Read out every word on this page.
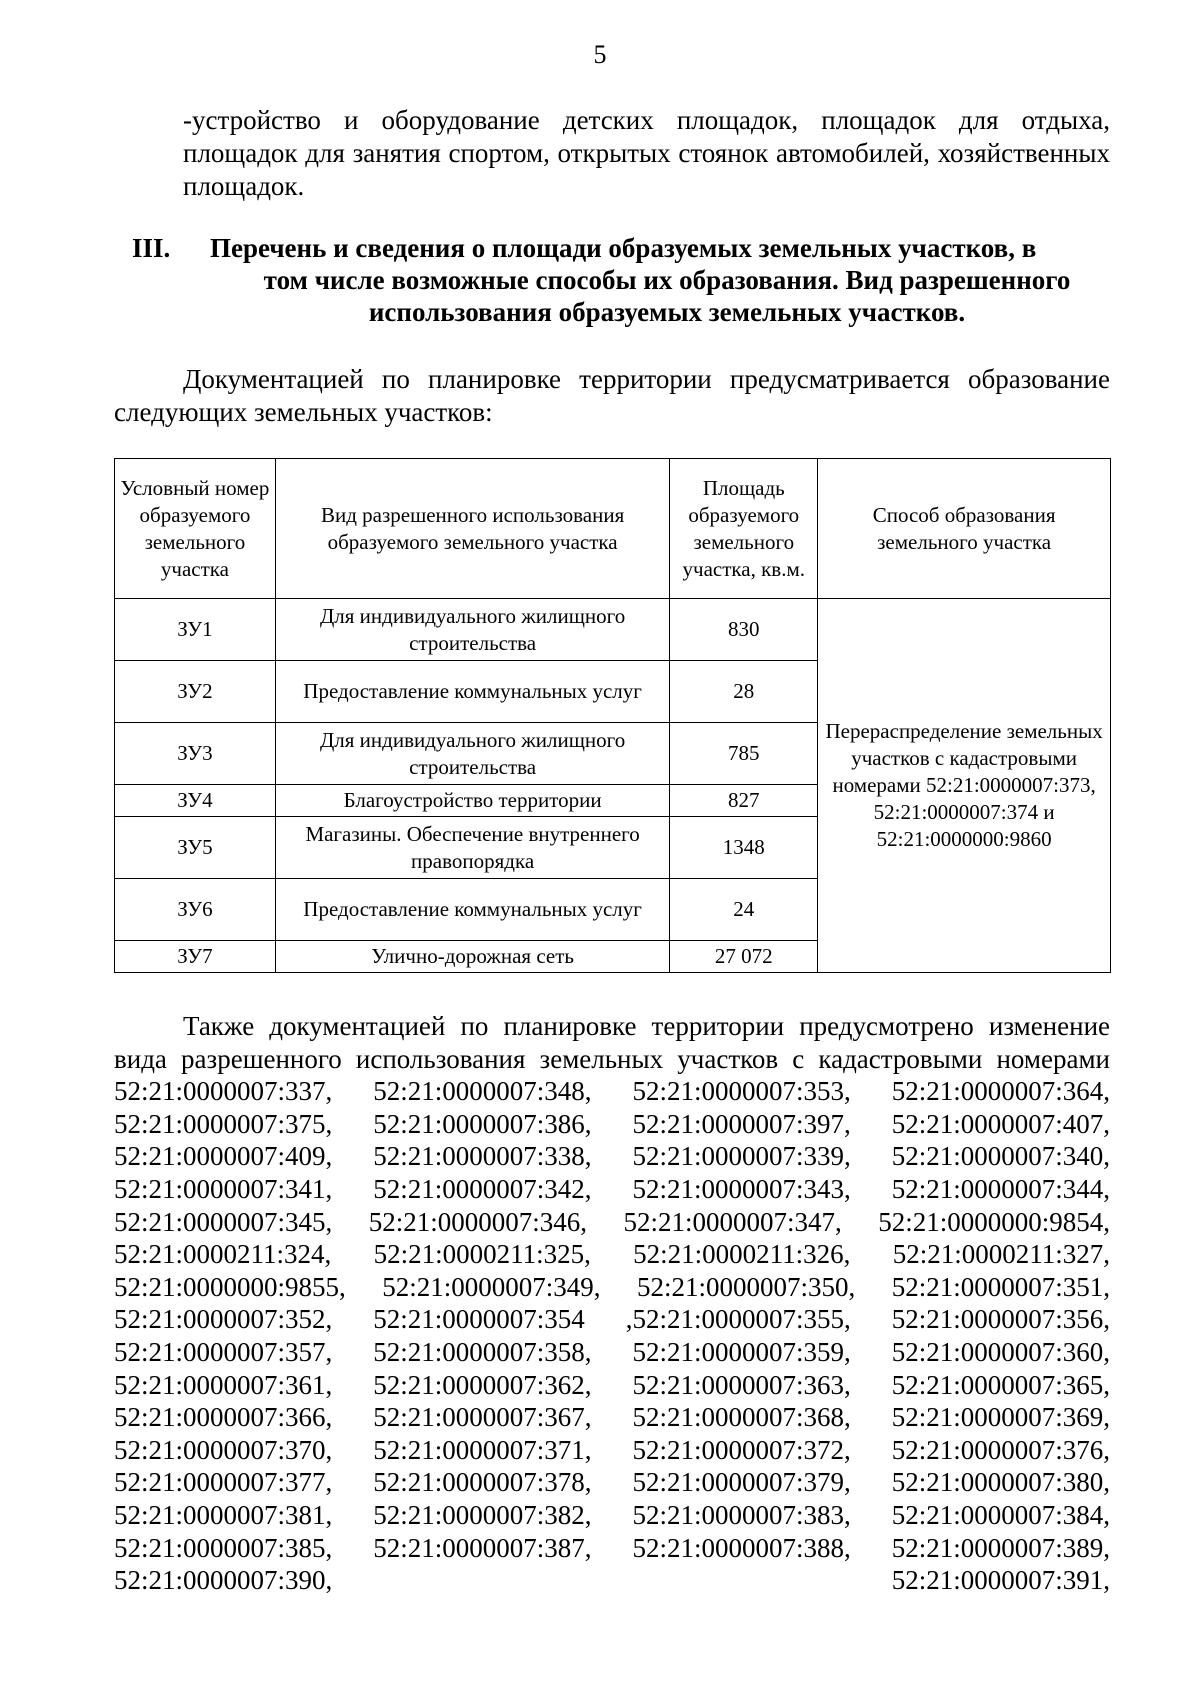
5
-устройство и оборудование детских площадок, площадок для отдыха, площадок для занятия спортом, открытых стоянок автомобилей, хозяйственных площадок.
III. Перечень и сведения о площади образуемых земельных участков, в
том числе возможные способы их образования. Вид разрешенного
использования образуемых земельных участков.
Документацией по планировке территории предусматривается образование следующих земельных участков:
Условный номер образуемого земельного участка	Вид разрешенного использования образуемого земельного участка	Площадь образуемого земельного участка, кв.м.	Способ образования земельного участка
ЗУ1	Для индивидуального жилищного строительства	830	Перераспределение земельных участков с кадастровыми номерами 52:21:0000007:373, 52:21:0000007:374 и 52:21:0000000:9860
ЗУ2	Предоставление коммунальных услуг	28	
ЗУ3	Для индивидуального жилищного строительства	785	
ЗУ4	Благоустройство территории	827	
ЗУ5	Магазины. Обеспечение внутреннего правопорядка	1348	
ЗУ6	Предоставление коммунальных услуг	24	
ЗУ7	Улично-дорожная сеть	27 072	
Также документацией по планировке территории предусмотрено изменение вида разрешенного использования земельных участков с кадастровыми номерами 52:21:0000007:337, 52:21:0000007:348, 52:21:0000007:353, 52:21:0000007:364, 52:21:0000007:375, 52:21:0000007:386, 52:21:0000007:397, 52:21:0000007:407, 52:21:0000007:409, 52:21:0000007:338, 52:21:0000007:339, 52:21:0000007:340, 52:21:0000007:341, 52:21:0000007:342, 52:21:0000007:343, 52:21:0000007:344, 52:21:0000007:345, 52:21:0000007:346, 52:21:0000007:347, 52:21:0000000:9854, 52:21:0000211:324, 52:21:0000211:325, 52:21:0000211:326, 52:21:0000211:327, 52:21:0000000:9855, 52:21:0000007:349, 52:21:0000007:350, 52:21:0000007:351, 52:21:0000007:352, 52:21:0000007:354 ,52:21:0000007:355, 52:21:0000007:356, 52:21:0000007:357, 52:21:0000007:358, 52:21:0000007:359, 52:21:0000007:360, 52:21:0000007:361, 52:21:0000007:362, 52:21:0000007:363, 52:21:0000007:365, 52:21:0000007:366, 52:21:0000007:367, 52:21:0000007:368, 52:21:0000007:369, 52:21:0000007:370, 52:21:0000007:371, 52:21:0000007:372, 52:21:0000007:376, 52:21:0000007:377, 52:21:0000007:378, 52:21:0000007:379, 52:21:0000007:380, 52:21:0000007:381, 52:21:0000007:382, 52:21:0000007:383, 52:21:0000007:384, 52:21:0000007:385, 52:21:0000007:387, 52:21:0000007:388, 52:21:0000007:389, 52:21:0000007:390, 52:21:0000007:391,
